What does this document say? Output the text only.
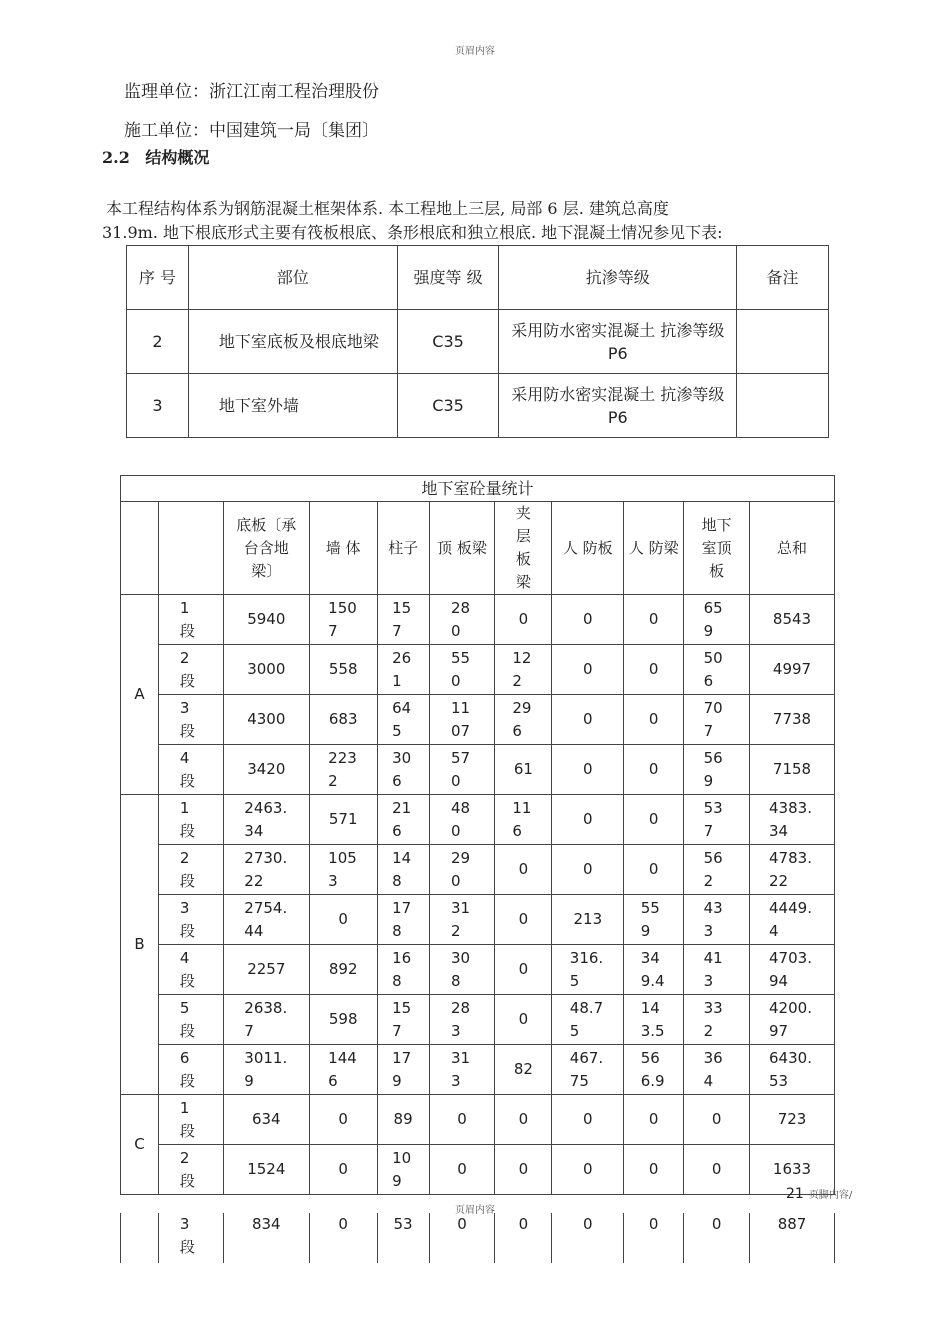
页眉内容
监理单位：浙江江南工程治理股份
施工单位：中国建筑一局〔集团〕
2.2 结构概况
本工程结构体系为钢筋混凝土框架体系. 本工程地上三层, 局部 6 层. 建筑总高度
31.9m. 地下根底形式主要有筏板根底、条形根底和独立根底. 地下混凝土情况参见下表:
序 号	部位	强度等 级	抗渗等级	备注
2	地下室底板及根底地梁	C35	采用防水密实混凝土 抗渗等级 P6	
3	地下室外墙	C35	采用防水密实混凝土 抗渗等级 P6	
地下室砼量统计										
		底板〔承台含地梁〕	墙 体	柱子	顶 板梁	夹层板梁	人 防板	人 防梁	地下室顶板	总和
A	1段	5940	1507	157	280	0	0	0	659	8543
	2段	3000	558	261	550	122	0	0	506	4997
	3段	4300	683	645	1107	296	0	0	707	7738
	4段	3420	2232	306	570	61	0	0	569	7158
B	1段	2463.34	571	216	480	116	0	0	537	4383.34
	2段	2730.22	1053	148	290	0	0	0	562	4783.22
	3段	2754.44	0	178	312	0	213	559	433	4449.4
	4段	2257	892	168	308	0	316.5	349.4	413	4703.94
	5段	2638.7	598	157	283	0	48.75	143.5	332	4200.97
	6段	3011.9	1446	179	313	82	467.75	566.9	364	6430.53
C	1段	634	0	89	0	0	0	0	0	723
	2段	1524	0	109	0	0	0	0	0	1633
21 页脚内容/
页眉内容
	3段	834	0	53	0	0	0	0	0	887
